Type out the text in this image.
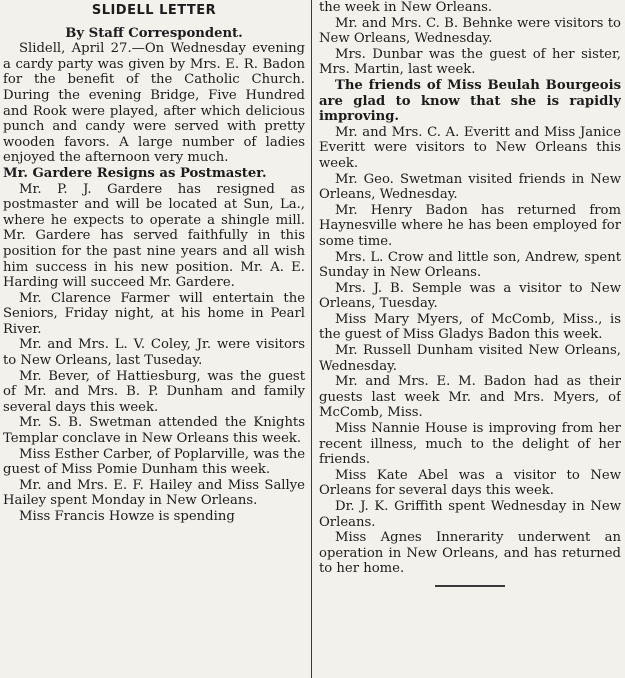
SLIDELL LETTER
By Staff Correspondent.

Slidell, April 27.—On Wednesday evening a cardy party was given by Mrs. E. R. Badon for the benefit of the Catholic Church. During the evening Bridge, Five Hundred and Rook were played, after which delicious punch and candy were served with pretty wooden favors. A large number of ladies enjoyed the afternoon very much.

Mr. Gardere Resigns as Postmaster.

Mr. P. J. Gardere has resigned as postmaster and will be located at Sun, La., where he expects to operate a shingle mill. Mr. Gardere has served faithfully in this position for the past nine years and all wish him success in his new position. Mr. A. E. Harding will succeed Mr. Gardere.

Mr. Clarence Farmer will entertain the Seniors, Friday night, at his home in Pearl River.

Mr. and Mrs. L. V. Coley, Jr. were visitors to New Orleans, last Tuseday.

Mr. Bever, of Hattiesburg, was the guest of Mr. and Mrs. B. P. Dunham and family several days this week.

Mr. S. B. Swetman attended the Knights Templar conclave in New Orleans this week.

Miss Esther Carber, of Poplarville, was the guest of Miss Pomie Dunham this week.

Mr. and Mrs. E. F. Hailey and Miss Sallye Hailey spent Monday in New Orleans.

Miss Francis Howze is spending

the week in New Orleans.

Mr. and Mrs. C. B. Behnke were visitors to New Orleans, Wednesday.

Mrs. Dunbar was the guest of her sister, Mrs. Martin, last week.

The friends of Miss Beulah Bourgeois are glad to know that she is rapidly improving.

Mr. and Mrs. C. A. Everitt and Miss Janice Everitt were visitors to New Orleans this week.

Mr. Geo. Swetman visited friends in New Orleans, Wednesday.

Mr. Henry Badon has returned from Haynesville where he has been employed for some time.

Mrs. L. Crow and little son, Andrew, spent Sunday in New Orleans.

Mrs. J. B. Semple was a visitor to New Orleans, Tuesday.

Miss Mary Myers, of McComb, Miss., is the guest of Miss Gladys Badon this week.

Mr. Russell Dunham visited New Orleans, Wednesday.

Mr. and Mrs. E. M. Badon had as their guests last week Mr. and Mrs. Myers, of McComb, Miss.

Miss Nannie House is improving from her recent illness, much to the delight of her friends.

Miss Kate Abel was a visitor to New Orleans for several days this week.

Dr. J. K. Griffith spent Wednesday in New Orleans.

Miss Agnes Innerarity underwent an operation in New Orleans, and has returned to her home.
